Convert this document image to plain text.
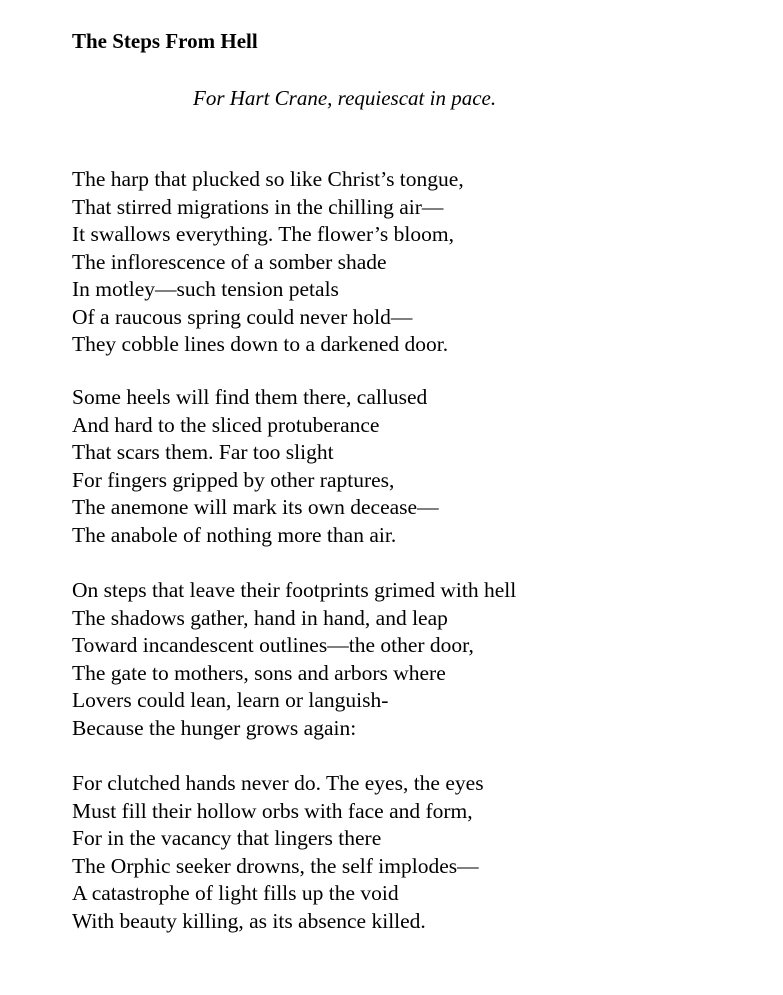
The Steps From Hell
For Hart Crane, requiescat in pace.
The harp that plucked so like Christ’s tongue,
That stirred migrations in the chilling air—
It swallows everything. The flower’s bloom,
The inflorescence of a somber shade
In motley—such tension petals
Of a raucous spring could never hold—
They cobble lines down to a darkened door.
Some heels will find them there, callused
And hard to the sliced protuberance
That scars them. Far too slight
For fingers gripped by other raptures,
The anemone will mark its own decease—
The anabole of nothing more than air.
On steps that leave their footprints grimed with hell
The shadows gather, hand in hand, and leap
Toward incandescent outlines—the other door,
The gate to mothers, sons and arbors where
Lovers could lean, learn or languish-
Because the hunger grows again:
For clutched hands never do. The eyes, the eyes
Must fill their hollow orbs with face and form,
For in the vacancy that lingers there
The Orphic seeker drowns, the self implodes—
A catastrophe of light fills up the void
With beauty killing, as its absence killed.
